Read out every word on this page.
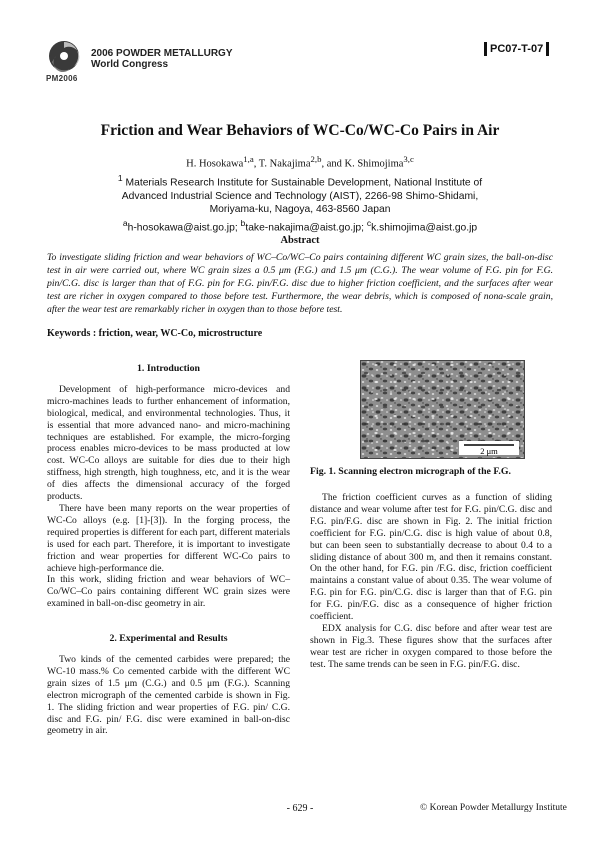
PM2006
2006 POWDER METALLURGY
World Congress
PC07-T-07
Friction and Wear Behaviors of WC-Co/WC-Co Pairs in Air
H. Hosokawa$^{1,a}$, T. Nakajima$^{2,b}$, and K. Shimojima$^{3,c}$
$^1$ Materials Research Institute for Sustainable Development, National Institute of
Advanced Industrial Science and Technology (AIST), 2266-98 Shimo-Shidami,
Moriyama-ku, Nagoya, 463-8560 Japan
$^a$h-hosokawa@aist.go.jp; $^b$take-nakajima@aist.go.jp; $^c$k.shimojima@aist.go.jp
Abstract
To investigate sliding friction and wear behaviors of WC–Co/WC–Co pairs containing different WC grain sizes, the ball-on-disc test in air were carried out, where WC grain sizes a 0.5 μm (F.G.) and 1.5 μm (C.G.). The wear volume of F.G. pin for F.G. pin/C.G. disc is larger than that of F.G. pin for F.G. pin/F.G. disc due to higher friction coefficient, and the surfaces after wear test are richer in oxygen compared to those before test. Furthermore, the wear debris, which is composed of nona-scale grain, after the wear test are remarkably richer in oxygen than to those before test.
Keywords : friction, wear, WC-Co, microstructure
1. Introduction

Development of high-performance micro-devices and micro-machines leads to further enhancement of information, biological, medical, and environmental technologies. Thus, it is essential that more advanced nano- and micro-machining techniques are established. For example, the micro-forging process enables micro-devices to be mass producted at low cost. WC-Co alloys are suitable for dies due to their high stiffness, high strength, high toughness, etc, and it is the wear of dies affects the dimensional accuracy of the forged products.

There have been many reports on the wear properties of WC-Co alloys (e.g. [1]-[3]). In the forging process, the required properties is different for each part, different materials is used for each part. Therefore, it is important to investigate friction and wear properties for different WC-Co pairs to achieve high-performance die.

In this work, sliding friction and wear behaviors of WC–Co/WC–Co pairs containing different WC grain sizes were examined in ball-on-disc geometry in air.

2. Experimental and Results

Two kinds of the cemented carbides were prepared; the WC-10 mass.% Co cemented carbide with the different WC grain sizes of 1.5 μm (C.G.) and 0.5 μm (F.G.). Scanning electron micrograph of the cemented carbide is shown in Fig. 1. The sliding friction and wear properties of F.G. pin/ C.G. disc and F.G. pin/ F.G. disc were examined in ball-on-disc geometry in air.

2 μm
Fig. 1. Scanning electron micrograph of the F.G.

The friction coefficient curves as a function of sliding distance and wear volume after test for F.G. pin/C.G. disc and F.G. pin/F.G. disc are shown in Fig. 2. The initial friction coefficient for F.G. pin/C.G. disc is high value of about 0.8, but can been seen to substantially decrease to about 0.4 to a sliding distance of about 300 m, and then it remains constant. On the other hand, for F.G. pin /F.G. disc, friction coefficient maintains a constant value of about 0.35. The wear volume of F.G. pin for F.G. pin/C.G. disc is larger than that of F.G. pin for F.G. pin/F.G. disc as a consequence of higher friction coefficient.

EDX analysis for C.G. disc before and after wear test are shown in Fig.3. These figures show that the surfaces after wear test are richer in oxygen compared to those before the test. The same trends can be seen in F.G. pin/F.G. disc.

- 629 -	© Korean Powder Metallurgy Institute
